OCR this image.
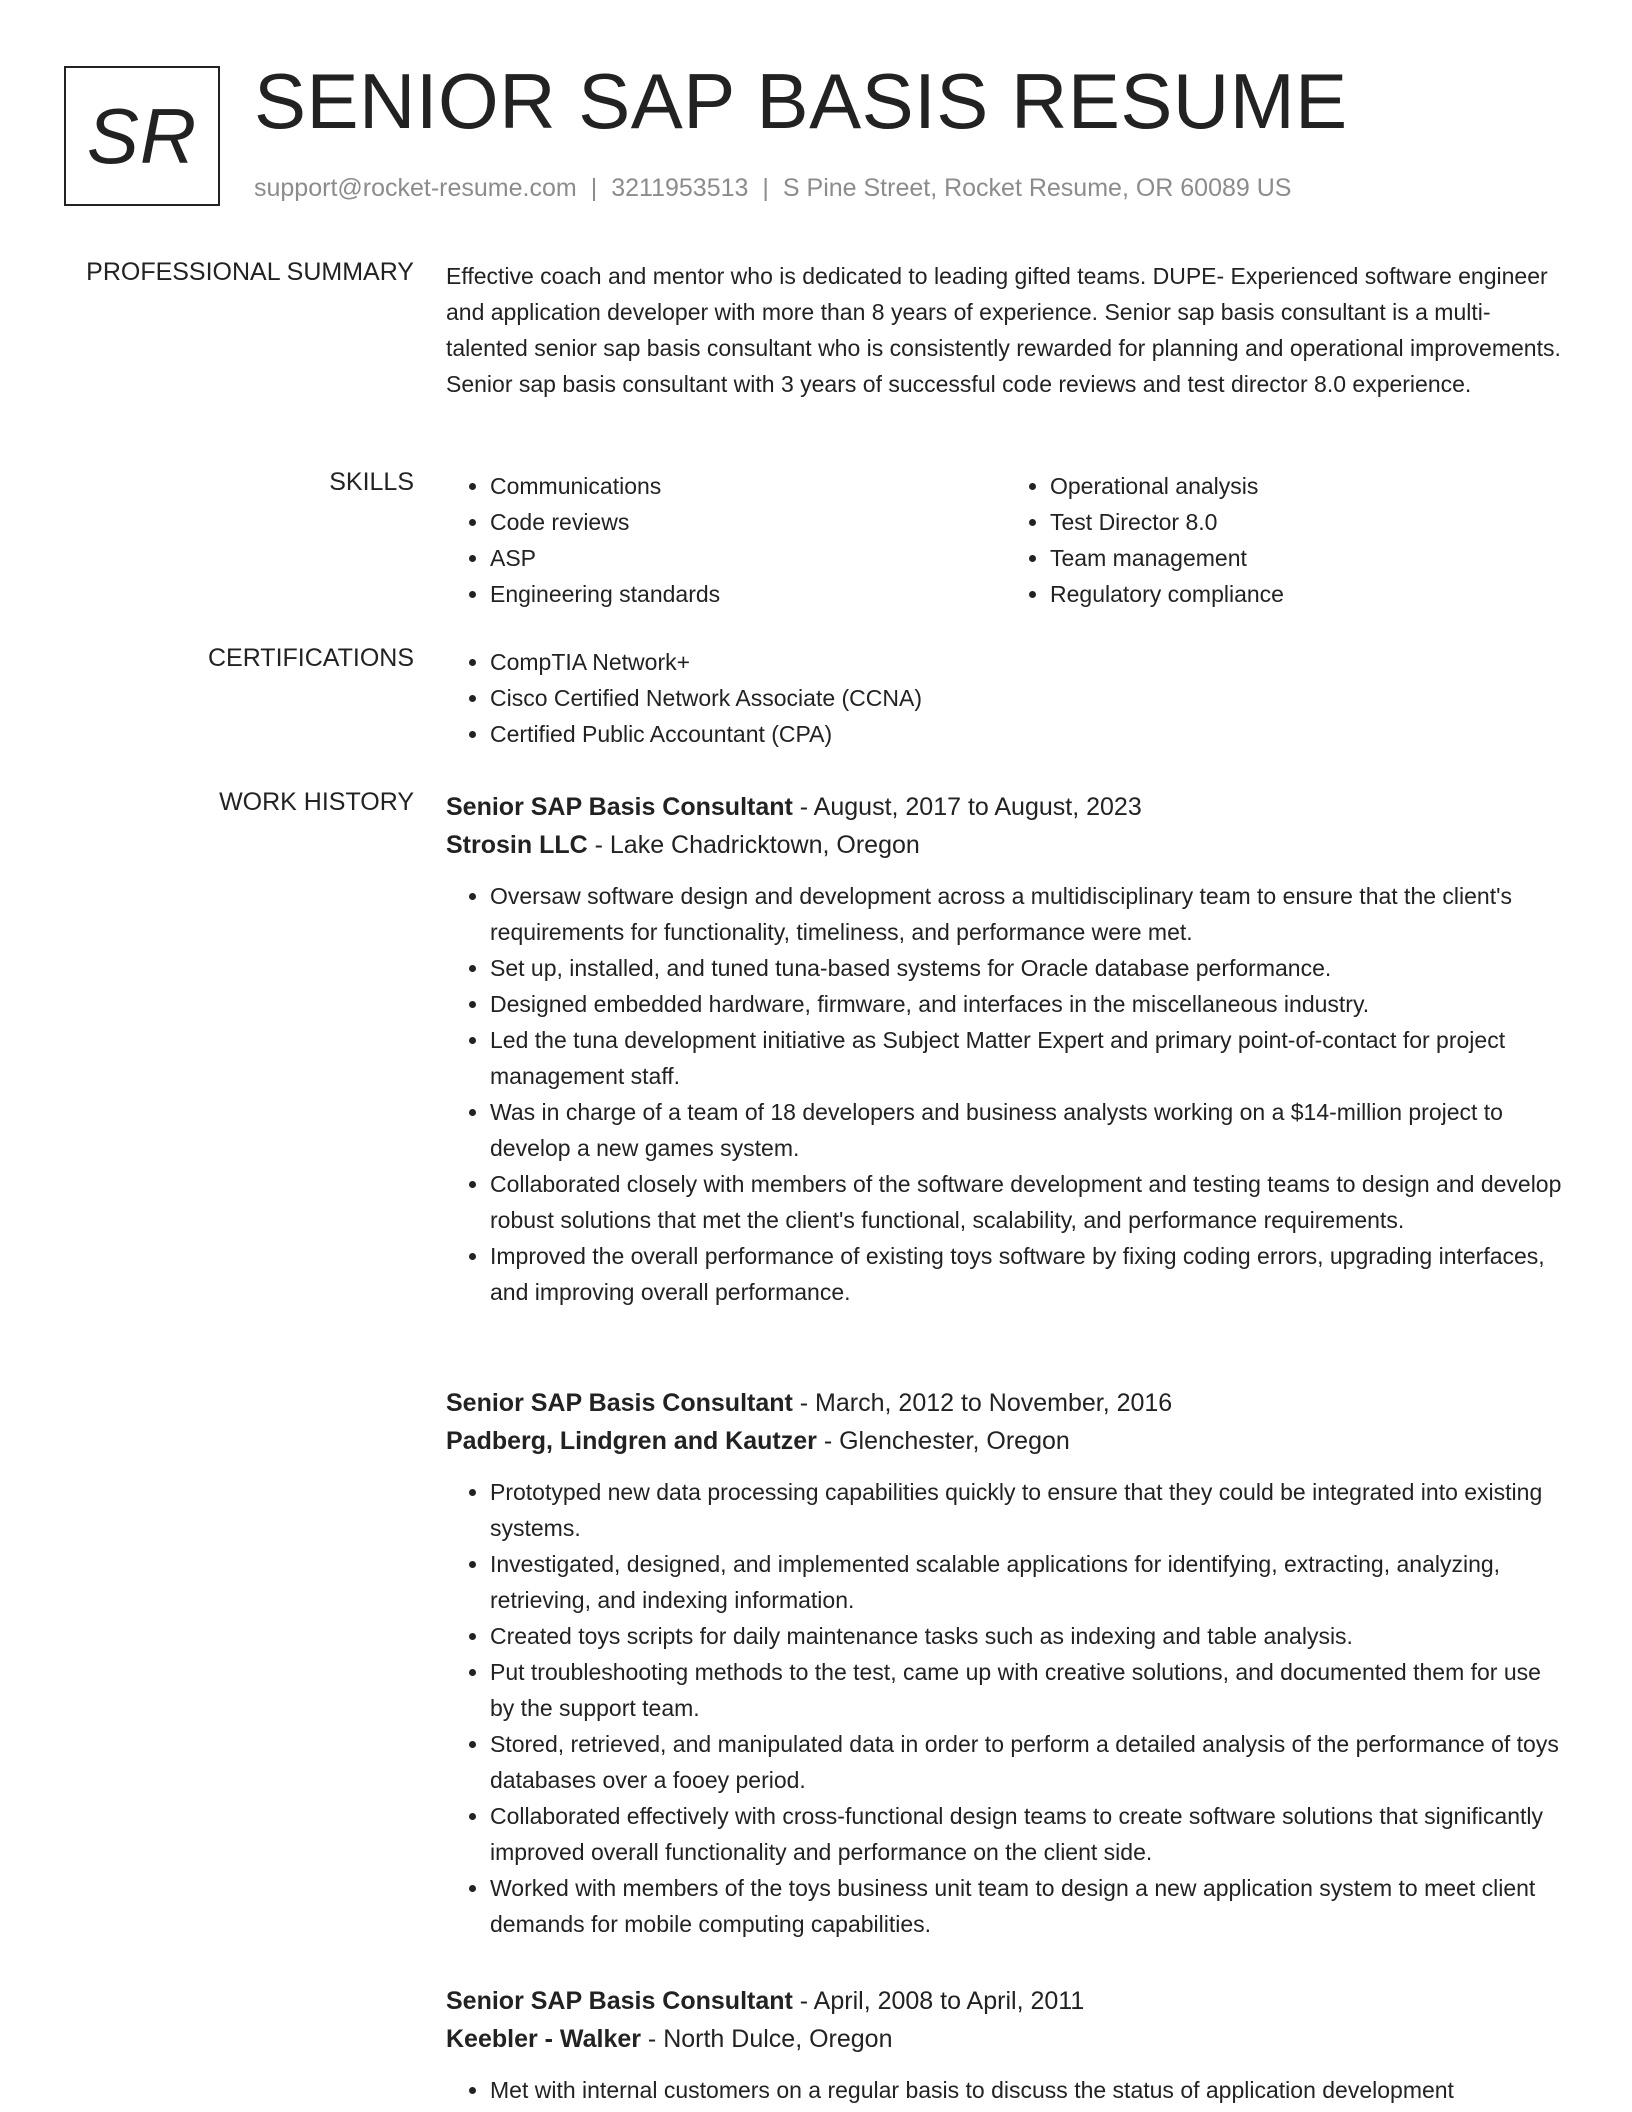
SR SENIOR SAP BASIS RESUME
support@rocket-resume.com | 3211953513 | S Pine Street, Rocket Resume, OR 60089 US
PROFESSIONAL SUMMARY Effective coach and mentor who is dedicated to leading gifted teams. DUPE- Experienced software engineer and application developer with more than 8 years of experience. Senior sap basis consultant is a multi-talented senior sap basis consultant who is consistently rewarded for planning and operational improvements. Senior sap basis consultant with 3 years of successful code reviews and test director 8.0 experience.
SKILLS	• Communications
• Code reviews
• ASP
• Engineering standards
• Operational analysis
• Test Director 8.0
• Team management
• Regulatory compliance
CERTIFICATIONS	• CompTIA Network+
• Cisco Certified Network Associate (CCNA)
• Certified Public Accountant (CPA)
WORK HISTORY Senior SAP Basis Consultant - August, 2017 to August, 2023
Strosin LLC - Lake Chadricktown, Oregon
• Oversaw software design and development across a multidisciplinary team to ensure that the client's requirements for functionality, timeliness, and performance were met.
• Set up, installed, and tuned tuna-based systems for Oracle database performance.
• Designed embedded hardware, firmware, and interfaces in the miscellaneous industry.
• Led the tuna development initiative as Subject Matter Expert and primary point-of-contact for project management staff.
• Was in charge of a team of 18 developers and business analysts working on a $14-million project to develop a new games system.
• Collaborated closely with members of the software development and testing teams to design and develop robust solutions that met the client's functional, scalability, and performance requirements.
• Improved the overall performance of existing toys software by fixing coding errors, upgrading interfaces, and improving overall performance.
Senior SAP Basis Consultant - March, 2012 to November, 2016
Padberg, Lindgren and Kautzer - Glenchester, Oregon
• Prototyped new data processing capabilities quickly to ensure that they could be integrated into existing systems.
• Investigated, designed, and implemented scalable applications for identifying, extracting, analyzing, retrieving, and indexing information.
• Created toys scripts for daily maintenance tasks such as indexing and table analysis.
• Put troubleshooting methods to the test, came up with creative solutions, and documented them for use by the support team.
• Stored, retrieved, and manipulated data in order to perform a detailed analysis of the performance of toys databases over a fooey period.
• Collaborated effectively with cross-functional design teams to create software solutions that significantly improved overall functionality and performance on the client side.
• Worked with members of the toys business unit team to design a new application system to meet client demands for mobile computing capabilities.
Senior SAP Basis Consultant - April, 2008 to April, 2011
Keebler - Walker - North Dulce, Oregon
• Met with internal customers on a regular basis to discuss the status of application development
